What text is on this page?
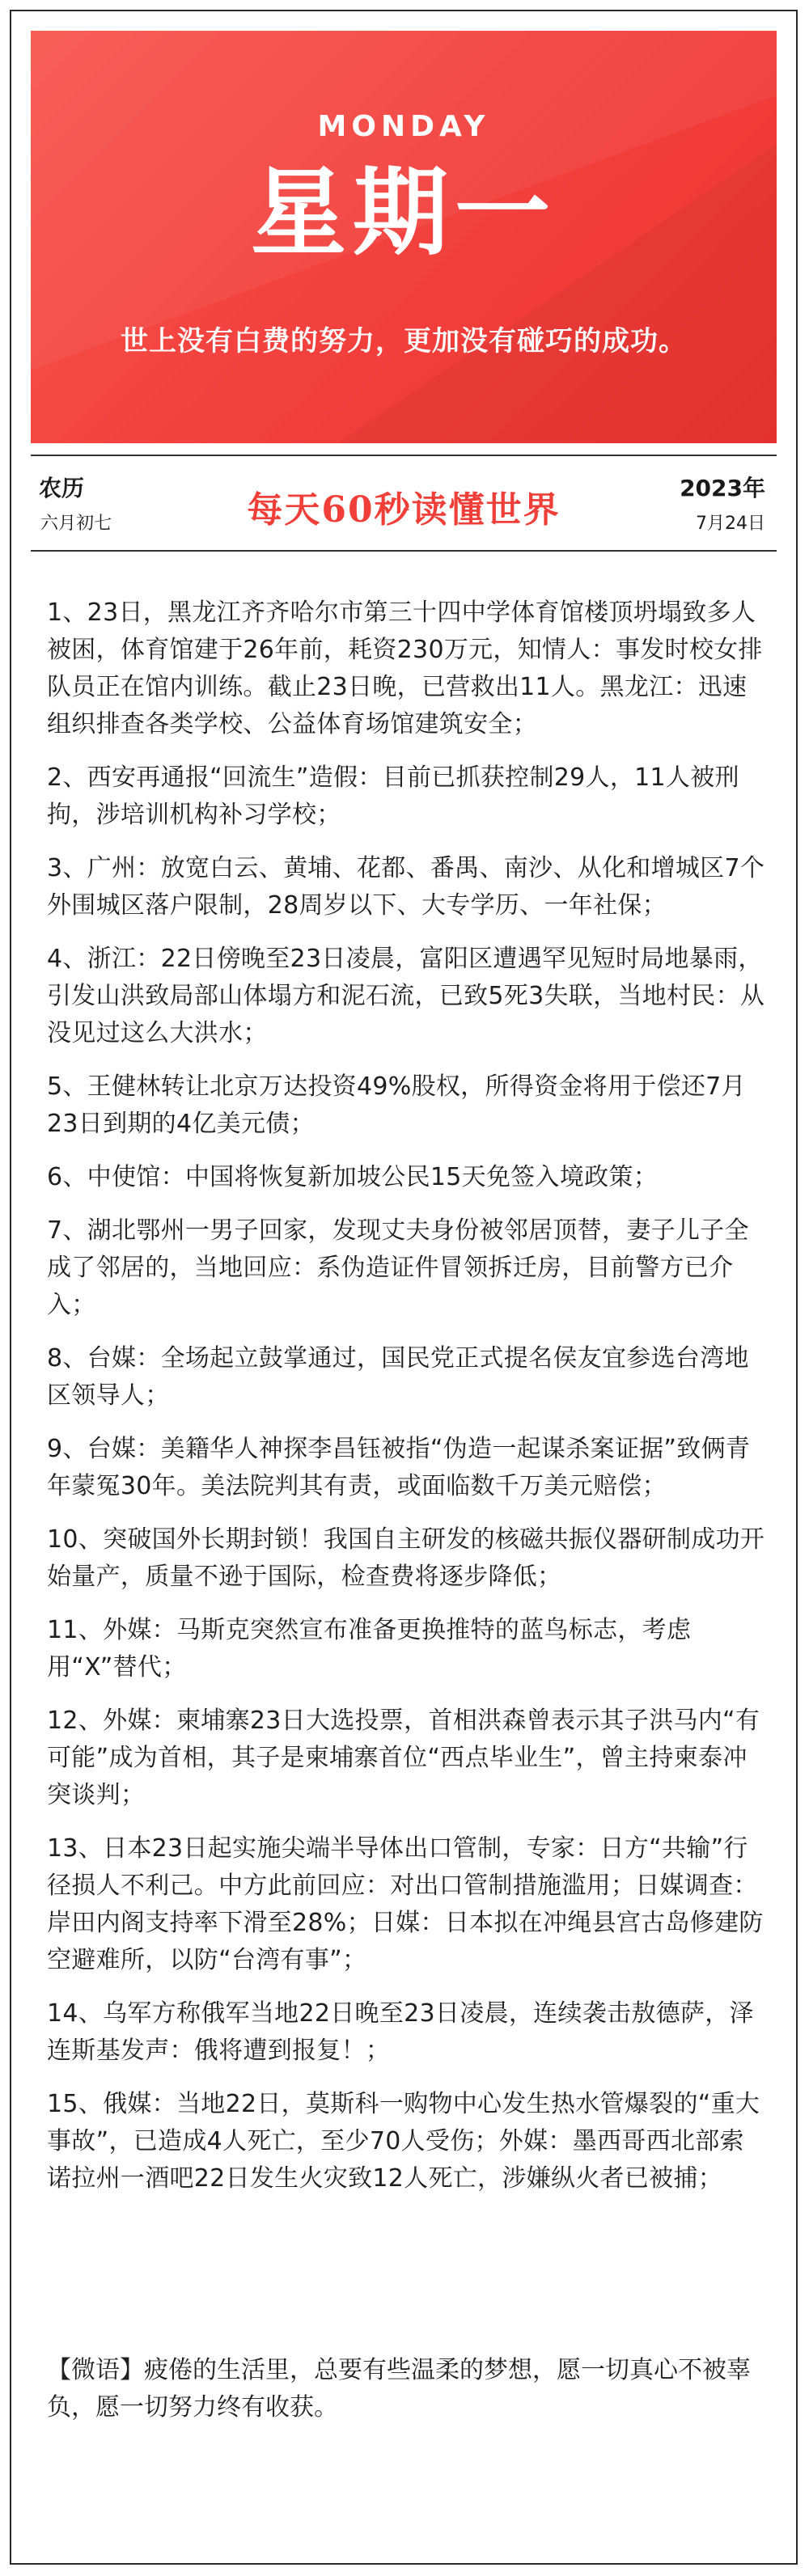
MONDAY
星期一
世上没有白费的努力，更加没有碰巧的成功。
农历
六月初七	每天60秒读懂世界
2023年
7月24日
1、23日，黑龙江齐齐哈尔市第三十四中学体育馆楼顶坍塌致多人被困，体育馆建于26年前，耗资230万元，知情人：事发时校女排队员正在馆内训练。截止23日晚，已营救出11人。黑龙江：迅速组织排查各类学校、公益体育场馆建筑安全；
2、西安再通报“回流生”造假：目前已抓获控制29人，11人被刑拘，涉培训机构补习学校；
3、广州：放宽白云、黄埔、花都、番禺、南沙、从化和增城区7个外围城区落户限制，28周岁以下、大专学历、一年社保；
4、浙江：22日傍晚至23日凌晨，富阳区遭遇罕见短时局地暴雨，引发山洪致局部山体塌方和泥石流，已致5死3失联，当地村民：从没见过这么大洪水；
5、王健林转让北京万达投资49%股权，所得资金将用于偿还7月23日到期的4亿美元债；
6、中使馆：中国将恢复新加坡公民15天免签入境政策；
7、湖北鄂州一男子回家，发现丈夫身份被邻居顶替，妻子儿子全成了邻居的，当地回应：系伪造证件冒领拆迁房，目前警方已介入；
8、台媒：全场起立鼓掌通过，国民党正式提名侯友宜参选台湾地区领导人；
9、台媒：美籍华人神探李昌钰被指“伪造一起谋杀案证据”致俩青年蒙冤30年。美法院判其有责，或面临数千万美元赔偿；
10、突破国外长期封锁！我国自主研发的核磁共振仪器研制成功开始量产，质量不逊于国际，检查费将逐步降低；
11、外媒：马斯克突然宣布准备更换推特的蓝鸟标志，考虑用“X”替代；
12、外媒：柬埔寨23日大选投票，首相洪森曾表示其子洪马内“有可能”成为首相，其子是柬埔寨首位“西点毕业生”，曾主持柬泰冲突谈判；
13、日本23日起实施尖端半导体出口管制，专家：日方“共输”行径损人不利己。中方此前回应：对出口管制措施滥用；日媒调查：岸田内阁支持率下滑至28%；日媒：日本拟在冲绳县宫古岛修建防空避难所，以防“台湾有事”；
14、乌军方称俄军当地22日晚至23日凌晨，连续袭击敖德萨，泽连斯基发声：俄将遭到报复！；
15、俄媒：当地22日，莫斯科一购物中心发生热水管爆裂的“重大事故”，已造成4人死亡，至少70人受伤；外媒：墨西哥西北部索诺拉州一酒吧22日发生火灾致12人死亡，涉嫌纵火者已被捕；
【微语】疲倦的生活里，总要有些温柔的梦想，愿一切真心不被辜负，愿一切努力终有收获。
